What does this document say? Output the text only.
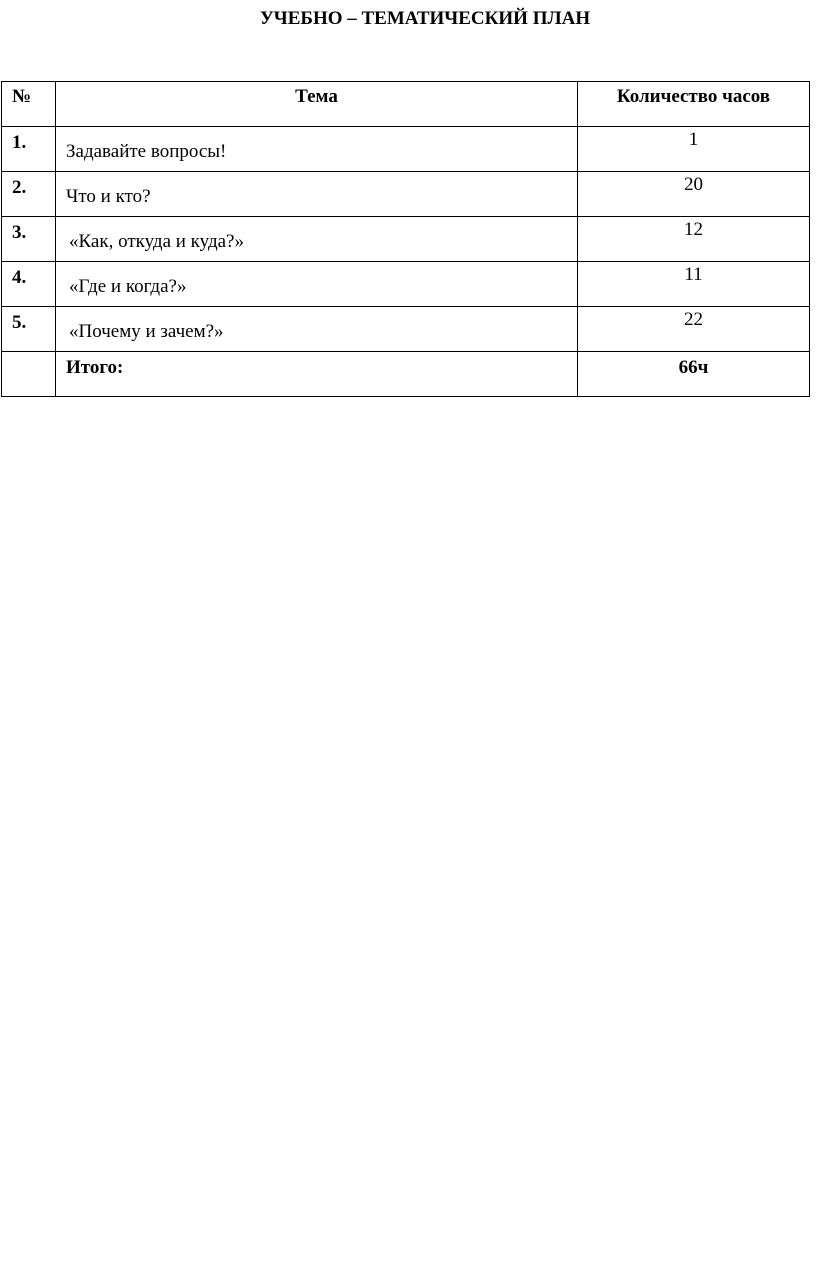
УЧЕБНО – ТЕМАТИЧЕСКИЙ ПЛАН
№	Тема	Количество часов
1.	Задавайте вопросы!	1
2.	Что и кто?	20
3.	«Как, откуда и куда?»	12
4.	«Где и когда?»	11
5.	«Почему и зачем?»	22
	Итого:	66ч
